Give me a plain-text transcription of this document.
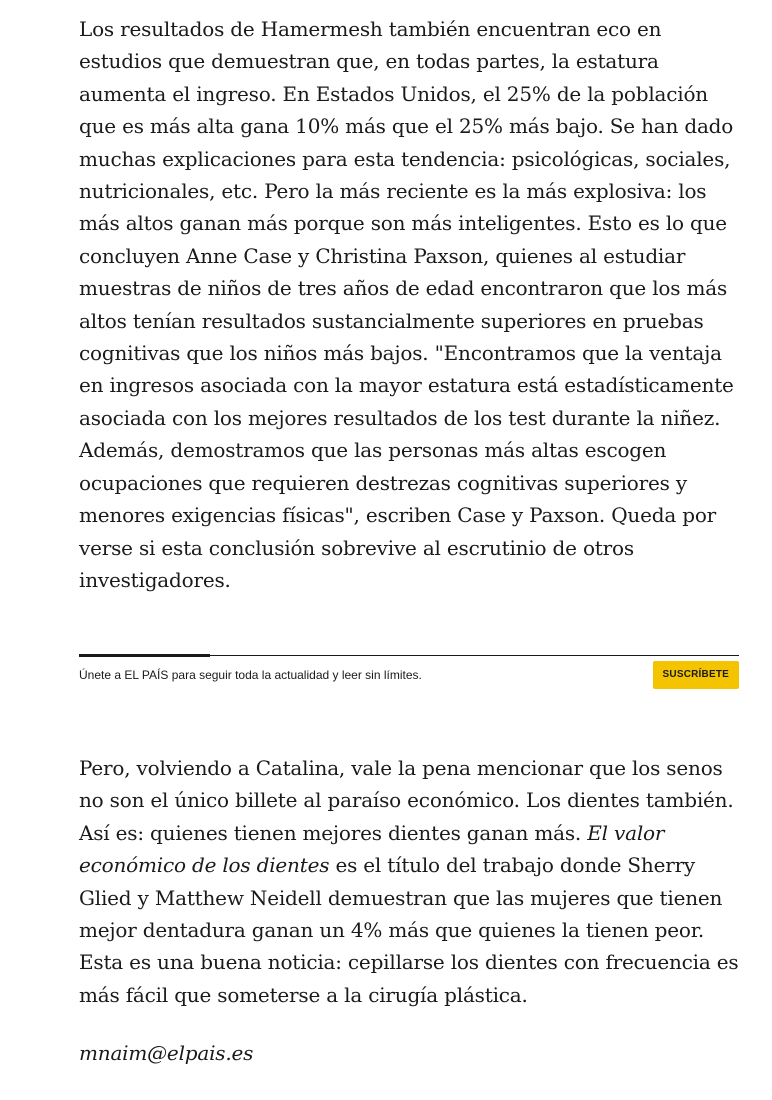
Los resultados de Hamermesh también encuentran eco en estudios que demuestran que, en todas partes, la estatura aumenta el ingreso. En Estados Unidos, el 25% de la población que es más alta gana 10% más que el 25% más bajo. Se han dado muchas explicaciones para esta tendencia: psicológicas, sociales, nutricionales, etc. Pero la más reciente es la más explosiva: los más altos ganan más porque son más inteligentes. Esto es lo que concluyen Anne Case y Christina Paxson, quienes al estudiar muestras de niños de tres años de edad encontraron que los más altos tenían resultados sustancialmente superiores en pruebas cognitivas que los niños más bajos. "Encontramos que la ventaja en ingresos asociada con la mayor estatura está estadísticamente asociada con los mejores resultados de los test durante la niñez. Además, demostramos que las personas más altas escogen ocupaciones que requieren destrezas cognitivas superiores y menores exigencias físicas", escriben Case y Paxson. Queda por verse si esta conclusión sobrevive al escrutinio de otros investigadores.

Únete a EL PAÍS para seguir toda la actualidad y leer sin límites.	SUSCRÍBETE

Pero, volviendo a Catalina, vale la pena mencionar que los senos no son el único billete al paraíso económico. Los dientes también. Así es: quienes tienen mejores dientes ganan más. El valor económico de los dientes es el título del trabajo donde Sherry Glied y Matthew Neidell demuestran que las mujeres que tienen mejor dentadura ganan un 4% más que quienes la tienen peor. Esta es una buena noticia: cepillarse los dientes con frecuencia es más fácil que someterse a la cirugía plástica.

mnaim@elpais.es
